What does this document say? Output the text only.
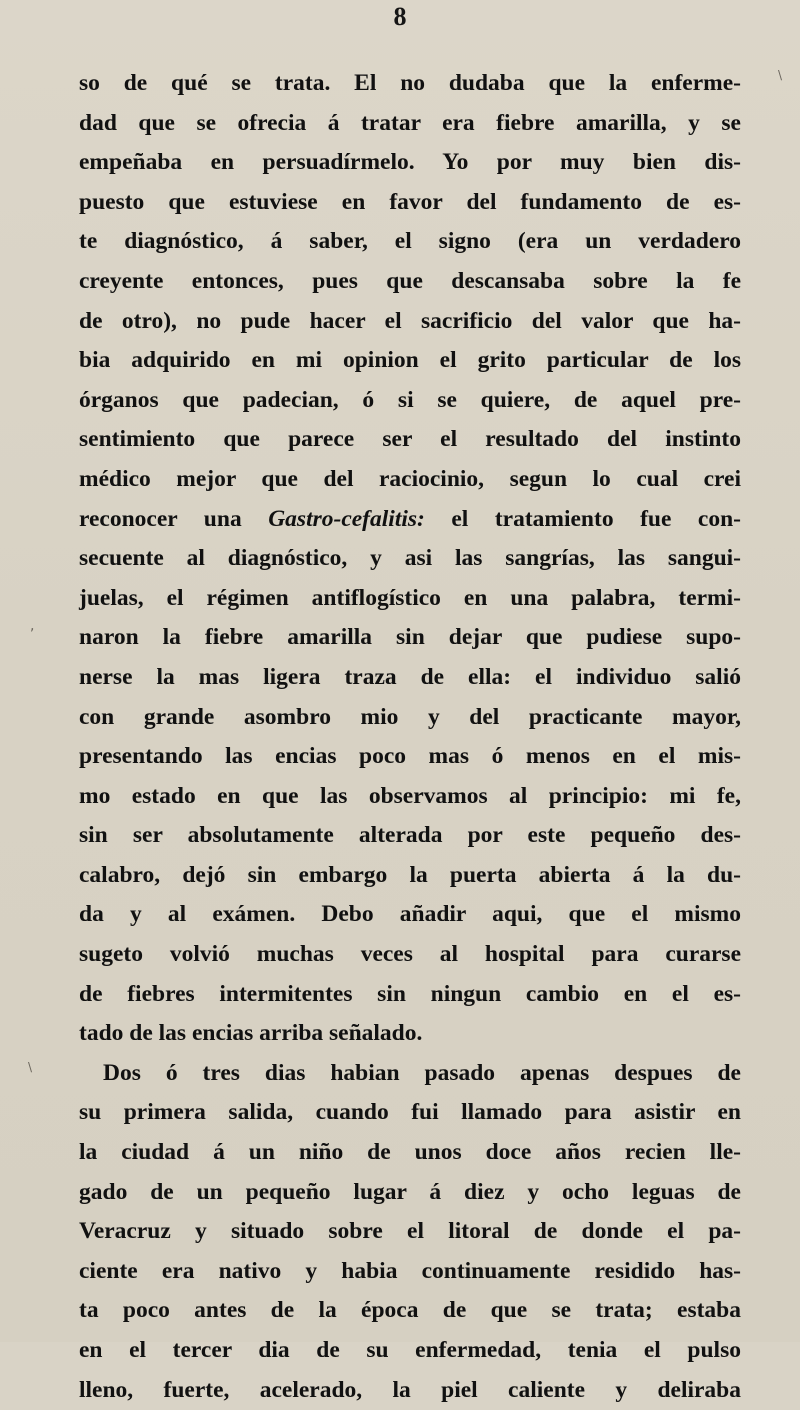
8
so de qué se trata. El no dudaba que la enferme-
dad que se ofrecia á tratar era fiebre amarilla, y se
empeñaba en persuadírmelo. Yo por muy bien dis-
puesto que estuviese en favor del fundamento de es-
te diagnóstico, á saber, el signo (era un verdadero
creyente entonces, pues que descansaba sobre la fe
de otro), no pude hacer el sacrificio del valor que ha-
bia adquirido en mi opinion el grito particular de los
órganos que padecian, ó si se quiere, de aquel pre-
sentimiento que parece ser el resultado del instinto
médico mejor que del raciocinio, segun lo cual crei
reconocer una Gastro-cefalitis: el tratamiento fue con-
secuente al diagnóstico, y asi las sangrías, las sangui-
juelas, el régimen antiflogístico en una palabra, termi-
naron la fiebre amarilla sin dejar que pudiese supo-
nerse la mas ligera traza de ella: el individuo salió
con grande asombro mio y del practicante mayor,
presentando las encias poco mas ó menos en el mis-
mo estado en que las observamos al principio: mi fe,
sin ser absolutamente alterada por este pequeño des-
calabro, dejó sin embargo la puerta abierta á la du-
da y al exámen. Debo añadir aqui, que el mismo
sugeto volvió muchas veces al hospital para curarse
de fiebres intermitentes sin ningun cambio en el es-
tado de las encias arriba señalado.
Dos ó tres dias habian pasado apenas despues de
su primera salida, cuando fui llamado para asistir en
la ciudad á un niño de unos doce años recien lle-
gado de un pequeño lugar á diez y ocho leguas de
Veracruz y situado sobre el litoral de donde el pa-
ciente era nativo y habia continuamente residido has-
ta poco antes de la época de que se trata; estaba
en el tercer dia de su enfermedad, tenia el pulso
lleno, fuerte, acelerado, la piel caliente y deliraba
\
,
\
